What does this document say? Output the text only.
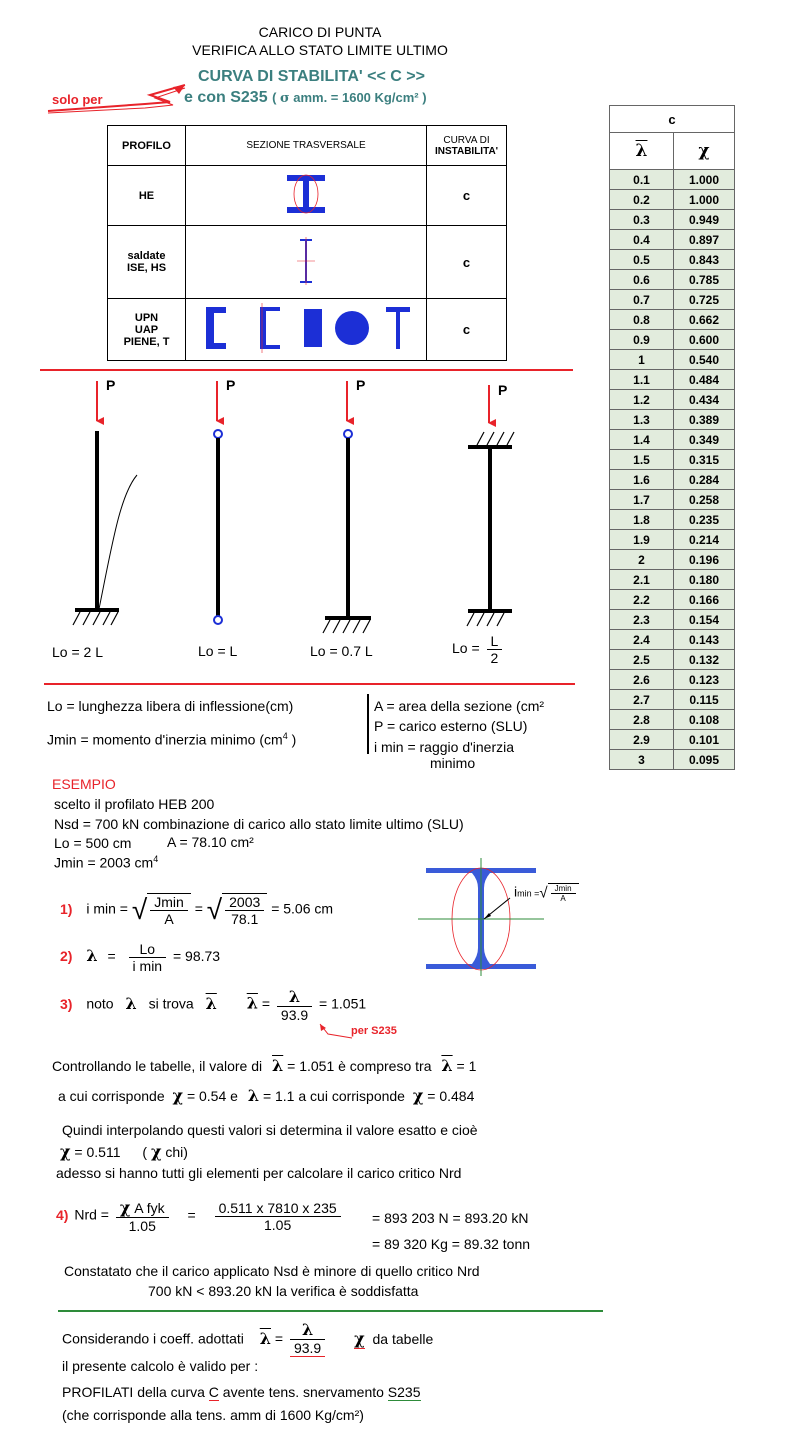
CARICO DI PUNTA
VERIFICA ALLO STATO LIMITE ULTIMO
CURVA DI STABILITA' << C >>
e con S235 ( σ amm. = 1600 Kg/cm² )
solo per
PROFILO	SEZIONE TRASVERSALE	CURVA DI
INSTABILITA'

HE		c

saldate
ISE, HS		c

UPN
UAP
PIENE, T		c
c	
$\overline{\lambda}$	χ
0.1	1.000
0.2	1.000
0.3	0.949
0.4	0.897
0.5	0.843
0.6	0.785
0.7	0.725
0.8	0.662
0.9	0.600
1	0.540
1.1	0.484
1.2	0.434
1.3	0.389
1.4	0.349
1.5	0.315
1.6	0.284
1.7	0.258
1.8	0.235
1.9	0.214
2	0.196
2.1	0.180
2.2	0.166
2.3	0.154
2.4	0.143
2.5	0.132
2.6	0.123
2.7	0.115
2.8	0.108
2.9	0.101
3	0.095
P	P	P	P
Lo = 2 L	Lo = L	Lo = 0.7 L	$Lo = \frac{L}{2}$
Lo = lunghezza libera di inflessione(cm)
Jmin = momento d'inerzia minimo ($cm^4$ )
A = area della sezione (cm²
P = carico esterno (SLU)
i min = raggio d'inerzia
minimo
ESEMPIO
scelto il profilato HEB 200
Nsd = 700 kN combinazione di carico allo stato limite ultimo (SLU)
Lo = 500 cm	A = 78.10 cm²
Jmin = 2003 $cm^4$
1) i min = √ $\frac{Jmin}{A}$ = √ $\frac{2003}{78.1} = 5.06$ cm
2) $\lambda = \frac{Lo}{\text{i min}} = 98.73$
3) noto λ si trova $\overline{\lambda}$ $\overline{\lambda} = \frac{\lambda}{93.9} = 1.051$
per S235
imin =√ $\frac{Jmin}{A}$
Controllando le tabelle, il valore di $\overline{\lambda} = 1.051$ è compreso tra $\overline{\lambda} = 1$
a cui corrisponde χ = 0.54 e λ = 1.1 a cui corrisponde χ = 0.484
Quindi interpolando questi valori si determina il valore esatto e cioè
χ = 0.511 ( χ chi)
adesso si hanno tutti gli elementi per calcolare il carico critico Nrd
4) Nrd = $\frac{\text{χ A fyk}}{1.05} = \frac{0.511 x 7810 x 235}{1.05} = 893$ 203 N = 893.20 kN
= 89 320 Kg = 89.32 tonn
Constatato che il carico applicato Nsd è minore di quello critico Nrd
700 kN < 893.20 kN la verifica è soddisfatta
Considerando i coeff. adottati $\overline{\lambda} = \frac{\lambda}{93.9}$ χ da tabelle
il presente calcolo è valido per :
PROFILATI della curva C avente tens. snervamento S235
(che corrisponde alla tens. amm di 1600 Kg/cm²)
